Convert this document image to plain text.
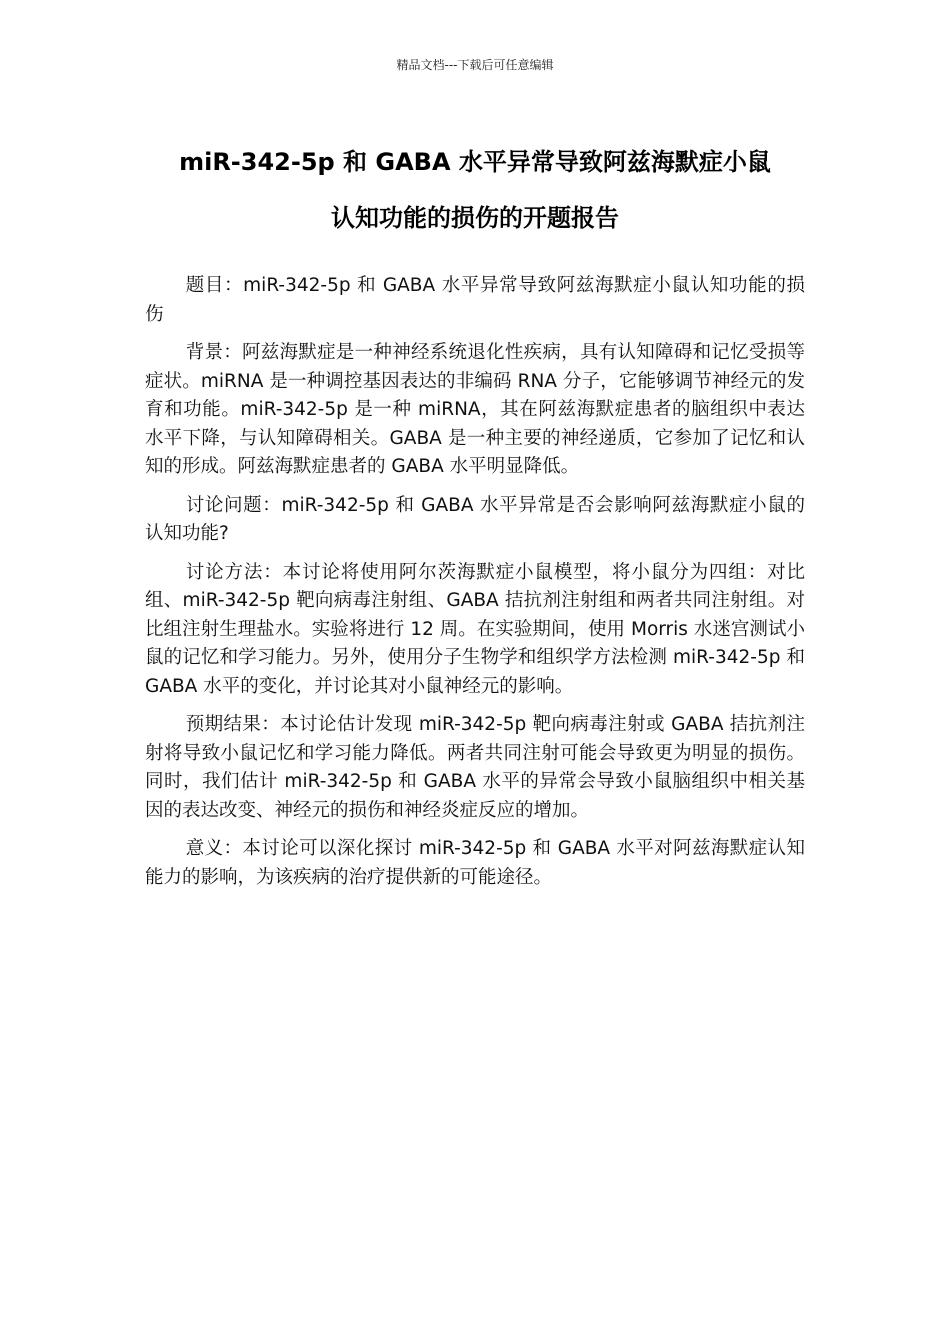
精品文档---下载后可任意编辑
miR-342-5p 和 GABA 水平异常导致阿兹海默症小鼠
认知功能的损伤的开题报告

题目：miR-342-5p 和 GABA 水平异常导致阿兹海默症小鼠认知功能的损伤

背景：阿兹海默症是一种神经系统退化性疾病，具有认知障碍和记忆受损等症状。miRNA 是一种调控基因表达的非编码 RNA 分子，它能够调节神经元的发育和功能。miR-342-5p 是一种 miRNA，其在阿兹海默症患者的脑组织中表达水平下降，与认知障碍相关。GABA 是一种主要的神经递质，它参加了记忆和认知的形成。阿兹海默症患者的 GABA 水平明显降低。

讨论问题：miR-342-5p 和 GABA 水平异常是否会影响阿兹海默症小鼠的认知功能?

讨论方法：本讨论将使用阿尔茨海默症小鼠模型，将小鼠分为四组：对比组、miR-342-5p 靶向病毒注射组、GABA 拮抗剂注射组和两者共同注射组。对比组注射生理盐水。实验将进行 12 周。在实验期间，使用 Morris 水迷宫测试小鼠的记忆和学习能力。另外，使用分子生物学和组织学方法检测 miR-342-5p 和 GABA 水平的变化，并讨论其对小鼠神经元的影响。

预期结果：本讨论估计发现 miR-342-5p 靶向病毒注射或 GABA 拮抗剂注射将导致小鼠记忆和学习能力降低。两者共同注射可能会导致更为明显的损伤。同时，我们估计 miR-342-5p 和 GABA 水平的异常会导致小鼠脑组织中相关基因的表达改变、神经元的损伤和神经炎症反应的增加。

意义：本讨论可以深化探讨 miR-342-5p 和 GABA 水平对阿兹海默症认知能力的影响，为该疾病的治疗提供新的可能途径。
